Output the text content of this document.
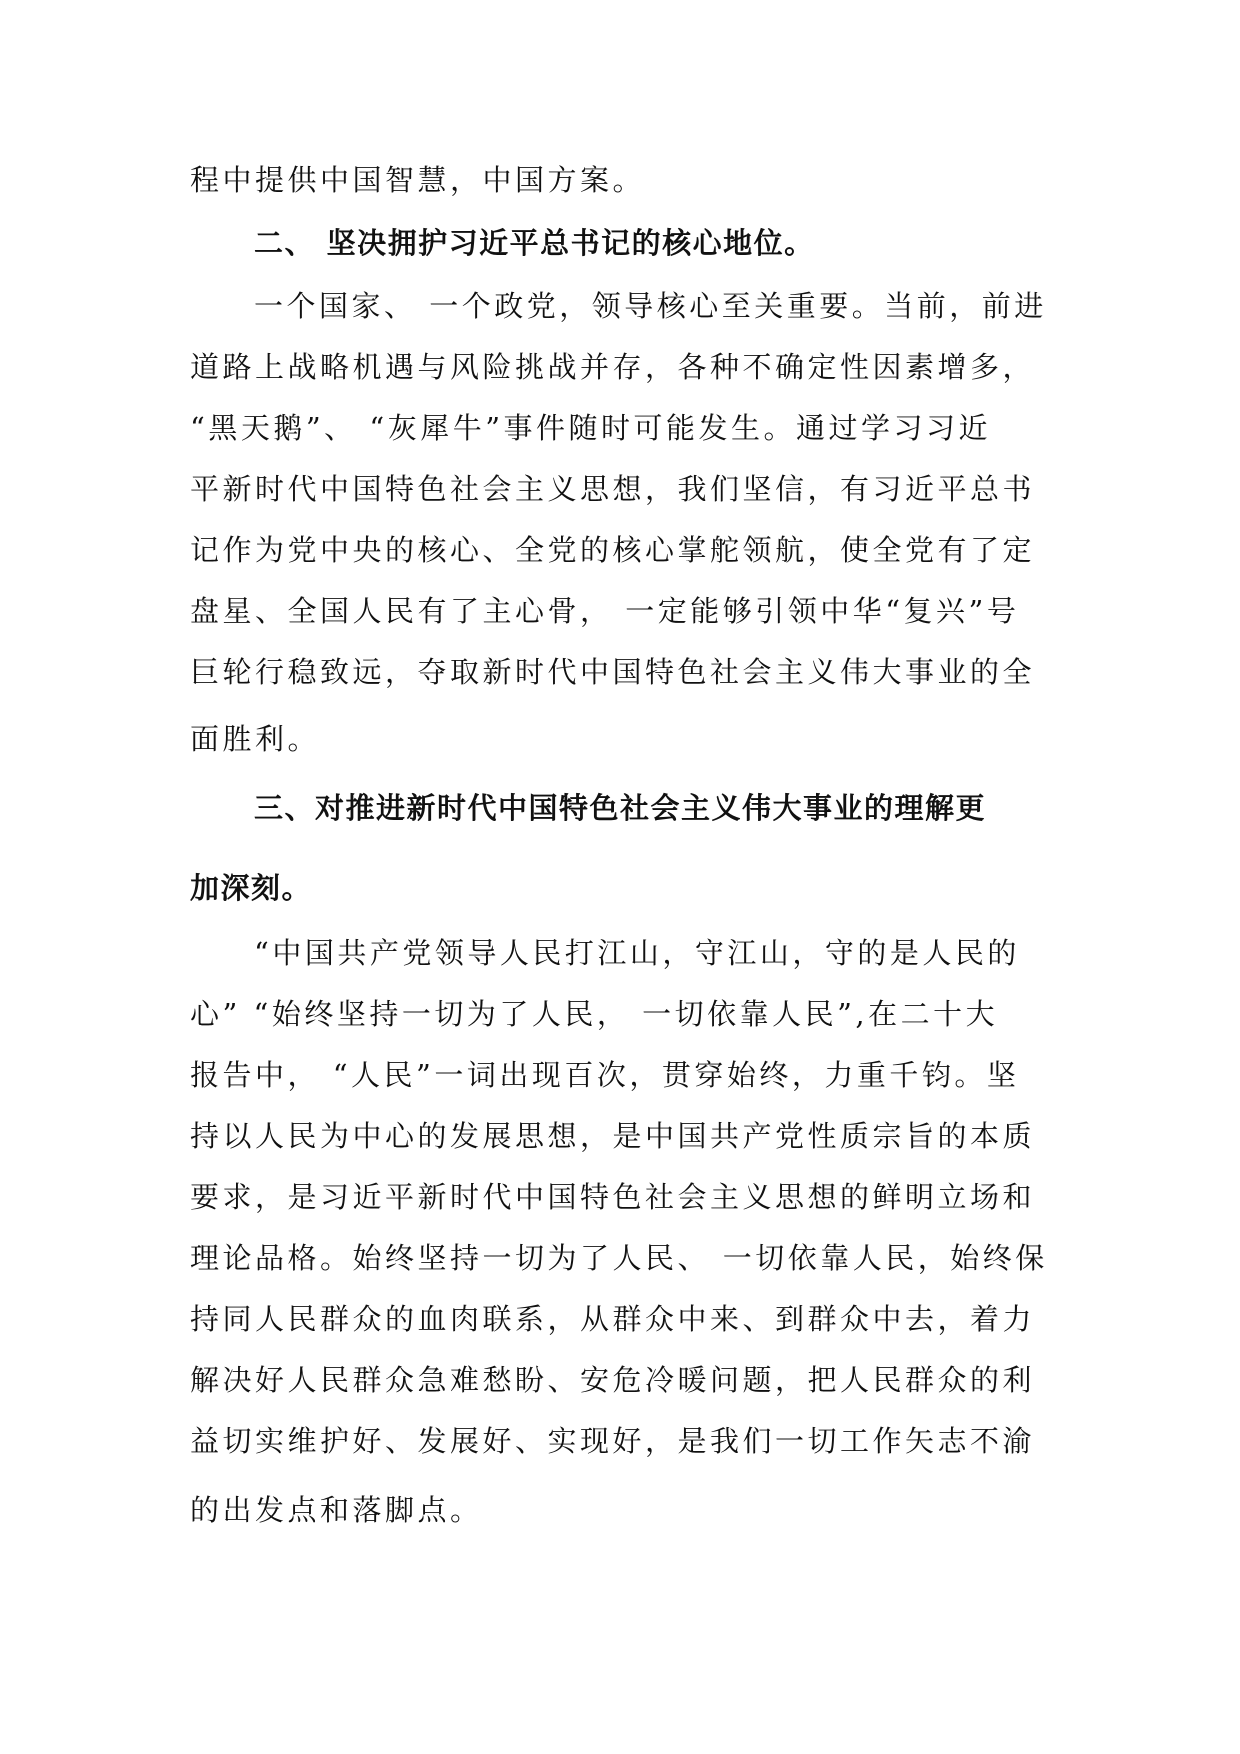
程中提供中国智慧，中国方案。
二、 坚决拥护习近平总书记的核心地位。
一个国家、 一个政党，领导核心至关重要。当前，前进
道路上战略机遇与风险挑战并存，各种不确定性因素增多，
“黑天鹅”、 “灰犀牛”事件随时可能发生。通过学习习近
平新时代中国特色社会主义思想，我们坚信，有习近平总书
记作为党中央的核心、全党的核心掌舵领航，使全党有了定
盘星、全国人民有了主心骨， 一定能够引领中华“复兴”号
巨轮行稳致远，夺取新时代中国特色社会主义伟大事业的全
面胜利。
三、对推进新时代中国特色社会主义伟大事业的理解更
加深刻。
“中国共产党领导人民打江山，守江山，守的是人民的
心” “始终坚持一切为了人民， 一切依靠人民”,在二十大
报告中， “人民”一词出现百次，贯穿始终，力重千钧。坚
持以人民为中心的发展思想，是中国共产党性质宗旨的本质
要求，是习近平新时代中国特色社会主义思想的鲜明立场和
理论品格。始终坚持一切为了人民、 一切依靠人民，始终保
持同人民群众的血肉联系，从群众中来、到群众中去，着力
解决好人民群众急难愁盼、安危冷暖问题，把人民群众的利
益切实维护好、发展好、实现好，是我们一切工作矢志不渝
的出发点和落脚点。
